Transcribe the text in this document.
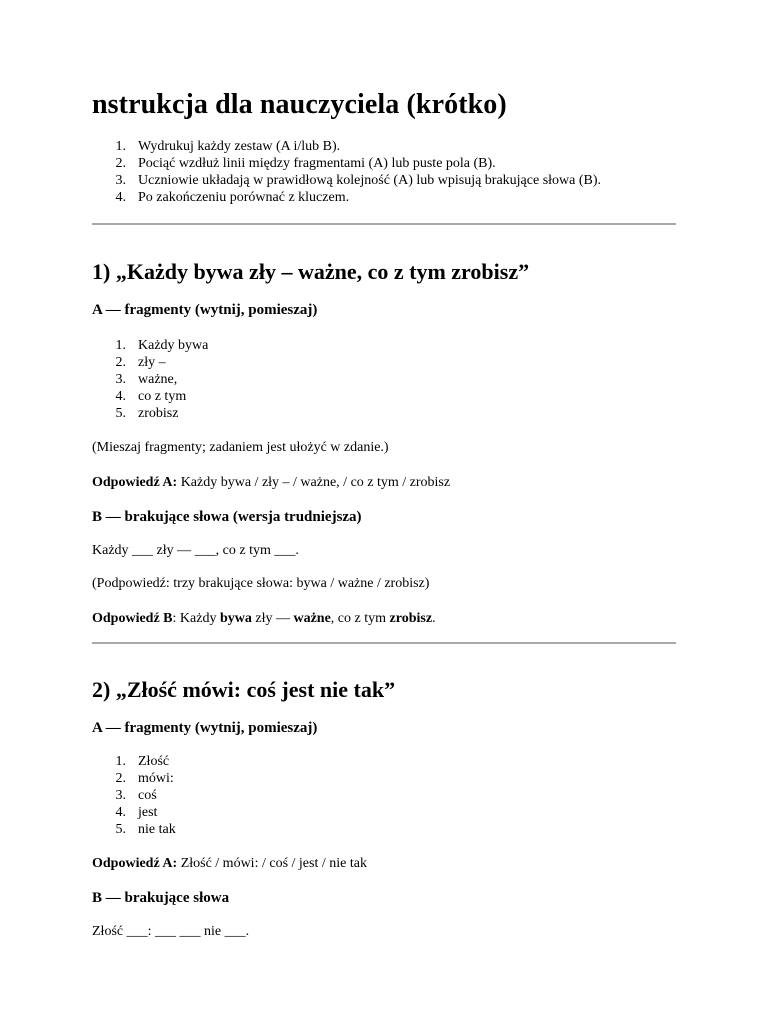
nstrukcja dla nauczyciela (krótko)
1. Wydrukuj każdy zestaw (A i/lub B).
2. Pociąć wzdłuż linii między fragmentami (A) lub puste pola (B).
3. Uczniowie układają w prawidłową kolejność (A) lub wpisują brakujące słowa (B).
4. Po zakończeniu porównać z kluczem.
1) „Każdy bywa zły – ważne, co z tym zrobisz”
A — fragmenty (wytnij, pomieszaj)
1. Każdy bywa
2. zły –
3. ważne,
4. co z tym
5. zrobisz

(Mieszaj fragmenty; zadaniem jest ułożyć w zdanie.)

Odpowiedź A: Każdy bywa / zły – / ważne, / co z tym / zrobisz

B — brakujące słowa (wersja trudniejsza)

Każdy ___ zły — ___, co z tym ___.

(Podpowiedź: trzy brakujące słowa: bywa / ważne / zrobisz)

Odpowiedź B: Każdy bywa zły — ważne, co z tym zrobisz.

2) „Złość mówi: coś jest nie tak”
A — fragmenty (wytnij, pomieszaj)
1. Złość
2. mówi:
3. coś
4. jest
5. nie tak

Odpowiedź A: Złość / mówi: / coś / jest / nie tak

B — brakujące słowa

Złość ___: ___ ___ nie ___.
